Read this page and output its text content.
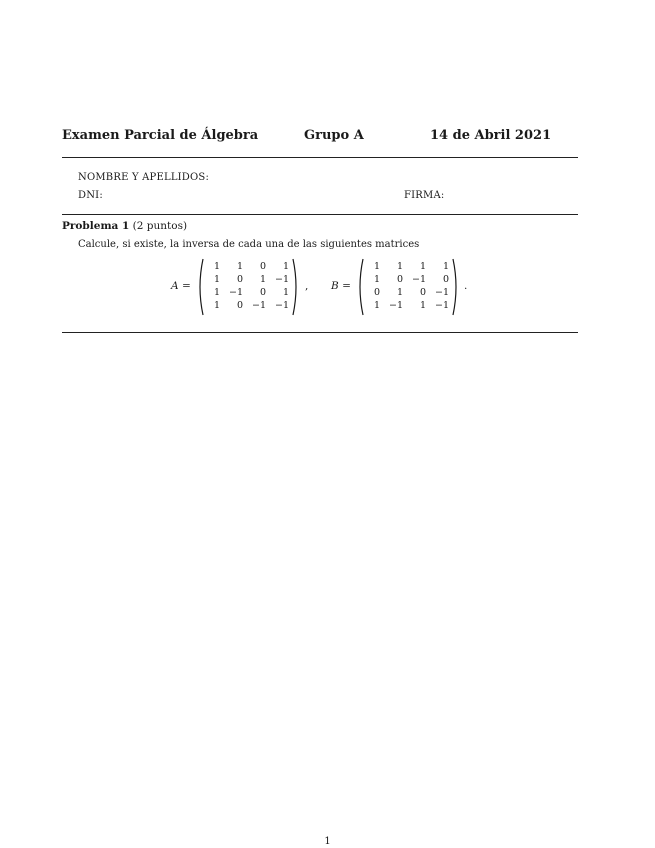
Examen Parcial de Álgebra	Grupo A	14 de Abril 2021
NOMBRE Y APELLIDOS:
DNI:	FIRMA:
Problema 1 (2 puntos)
Calcule, si existe, la inversa de cada una de las siguientes matrices
A =
1	1	0	1
1	0	1 −1
1 −1	0	1
1	0 −1 −1
, B =
1	1	1	1
1	0 −1	0
0	1	0 −1
1 −1	1 −1
.
1
